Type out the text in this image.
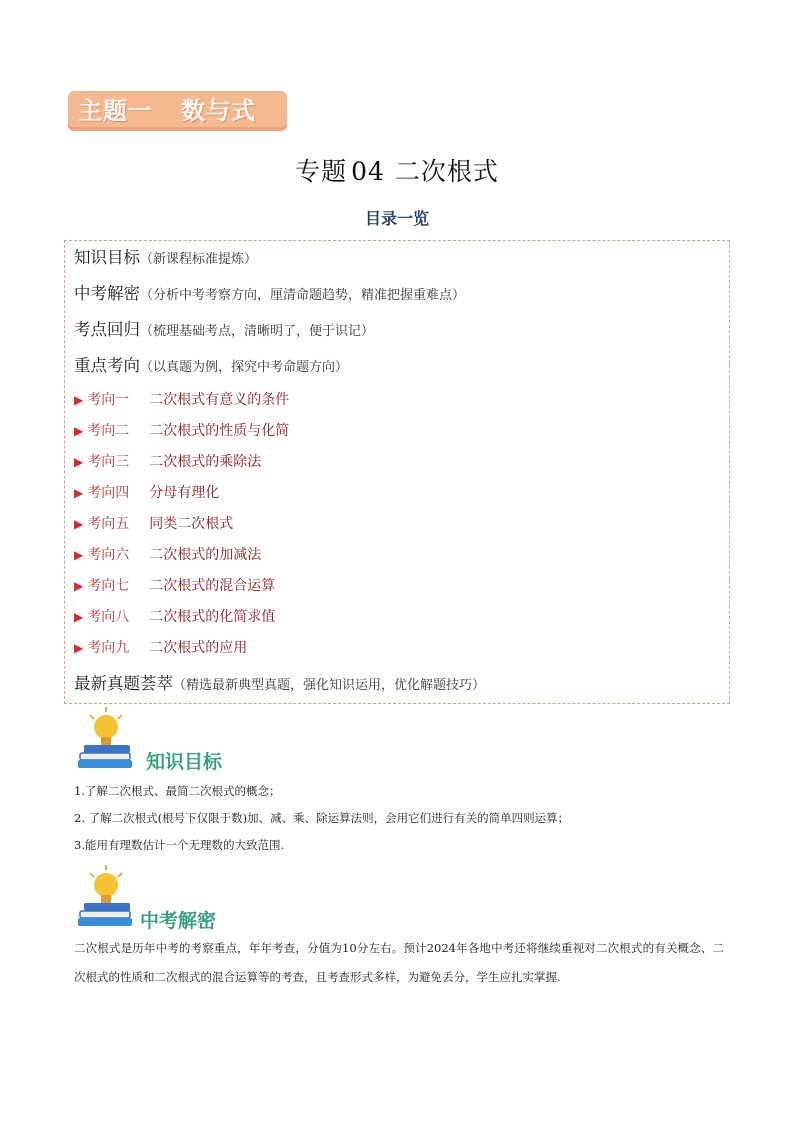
主题一   数与式
专题 04 二次根式
目录一览
知识目标（新课程标准提炼）
中考解密（分析中考考察方向，厘清命题趋势，精准把握重难点）
考点回归（梳理基础考点，清晰明了，便于识记）
重点考向（以真题为例，探究中考命题方向）
▶ 考向一 二次根式有意义的条件
▶ 考向二 二次根式的性质与化简
▶ 考向三 二次根式的乘除法
▶ 考向四 分母有理化
▶ 考向五 同类二次根式
▶ 考向六 二次根式的加减法
▶ 考向七 二次根式的混合运算
▶ 考向八 二次根式的化简求值
▶ 考向九 二次根式的应用
最新真题荟萃（精选最新典型真题，强化知识运用，优化解题技巧）
知识目标
1.了解二次根式、最简二次根式的概念；
2. 了解二次根式(根号下仅限于数)加、减、乘、除运算法则，会用它们进行有关的简单四则运算；
3.能用有理数估计一个无理数的大致范围.
中考解密
二次根式是历年中考的考察重点，年年考查，分值为10分左右。预计2024年各地中考还将继续重视对二次根式的有关概念、二次根式的性质和二次根式的混合运算等的考查，且考查形式多样，为避免丢分，学生应扎实掌握.
